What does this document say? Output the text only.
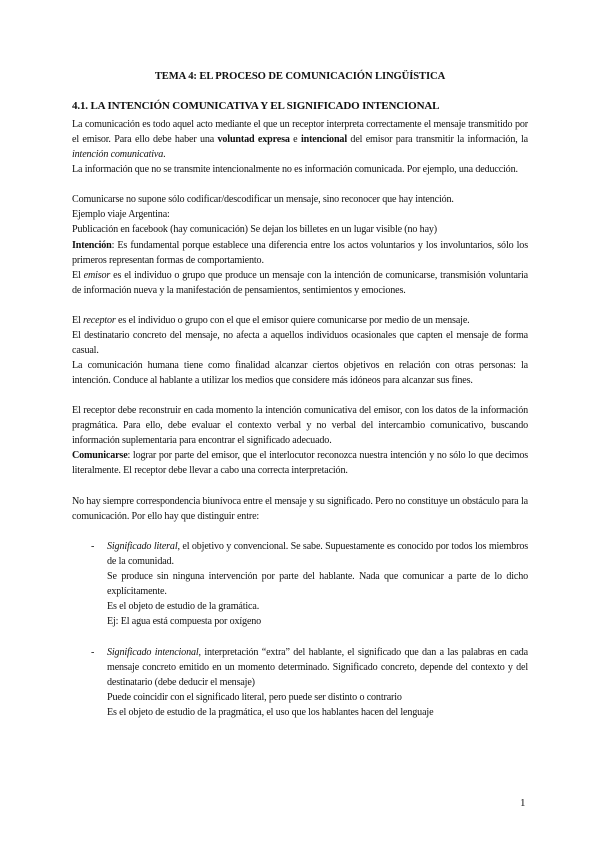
TEMA 4: EL PROCESO DE COMUNICACIÓN LINGÜÍSTICA
4.1. LA INTENCIÓN COMUNICATIVA Y EL SIGNIFICADO INTENCIONAL
La comunicación es todo aquel acto mediante el que un receptor interpreta correctamente el mensaje transmitido por el emisor. Para ello debe haber una voluntad expresa e intencional del emisor para transmitir la información, la intención comunicativa.
La información que no se transmite intencionalmente no es información comunicada. Por ejemplo, una deducción.
Comunicarse no supone sólo codificar/descodificar un mensaje, sino reconocer que hay intención.
Ejemplo viaje Argentina:
Publicación en facebook (hay comunicación) Se dejan los billetes en un lugar visible (no hay)
Intención: Es fundamental porque establece una diferencia entre los actos voluntarios y los involuntarios, sólo los primeros representan formas de comportamiento.
El emisor es el individuo o grupo que produce un mensaje con la intención de comunicarse, transmisión voluntaria de información nueva y la manifestación de pensamientos, sentimientos y emociones.
El receptor es el individuo o grupo con el que el emisor quiere comunicarse por medio de un mensaje.
El destinatario concreto del mensaje, no afecta a aquellos individuos ocasionales que capten el mensaje de forma casual.
La comunicación humana tiene como finalidad alcanzar ciertos objetivos en relación con otras personas: la intención. Conduce al hablante a utilizar los medios que considere más idóneos para alcanzar sus fines.
El receptor debe reconstruir en cada momento la intención comunicativa del emisor, con los datos de la información pragmática. Para ello, debe evaluar el contexto verbal y no verbal del intercambio comunicativo, buscando información suplementaria para encontrar el significado adecuado.
Comunicarse: lograr por parte del emisor, que el interlocutor reconozca nuestra intención y no sólo lo que decimos literalmente. El receptor debe llevar a cabo una correcta interpretación.
No hay siempre correspondencia biunívoca entre el mensaje y su significado. Pero no constituye un obstáculo para la comunicación. Por ello hay que distinguir entre:
- Significado literal, el objetivo y convencional. Se sabe. Supuestamente es conocido por todos los miembros de la comunidad.
Se produce sin ninguna intervención por parte del hablante. Nada que comunicar a parte de lo dicho explícitamente.
Es el objeto de estudio de la gramática.
Ej: El agua está compuesta por oxígeno
- Significado intencional, interpretación “extra” del hablante, el significado que dan a las palabras en cada mensaje concreto emitido en un momento determinado. Significado concreto, depende del contexto y del destinatario (debe deducir el mensaje)
Puede coincidir con el significado literal, pero puede ser distinto o contrario
Es el objeto de estudio de la pragmática, el uso que los hablantes hacen del lenguaje
1
